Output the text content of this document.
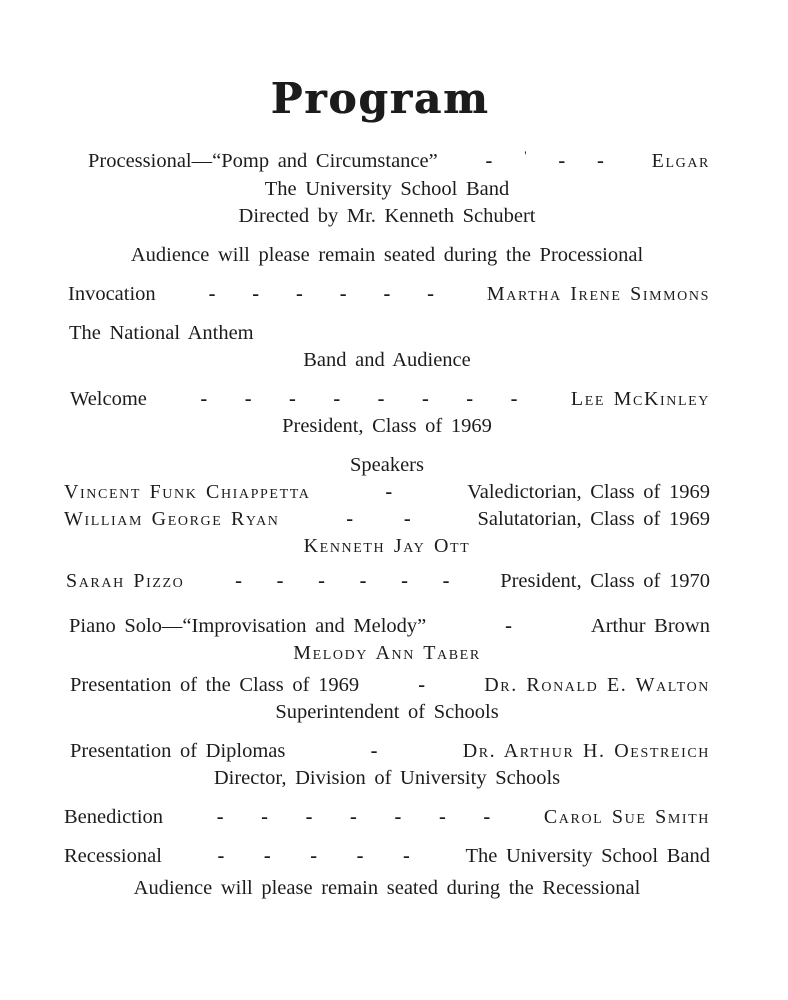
Program
Processional—“Pomp and Circumstance” - ' - - Elgar
The University School Band
Directed by Mr. Kenneth Schubert
Audience will please remain seated during the Processional
Invocation	- - - - - -	Martha Irene Simmons
The National Anthem
Band and Audience
Welcome	- - - - - - - -	Lee McKinley
President, Class of 1969
Speakers
Vincent Funk Chiappetta	-	Valedictorian, Class of 1969
William George Ryan	- -	Salutatorian, Class of 1969
Kenneth Jay Ott
Sarah Pizzo - - - - - - President, Class of 1970
Piano Solo—“Improvisation and Melody”	-	Arthur Brown
Melody Ann Taber
Presentation of the Class of 1969	-	Dr. Ronald E. Walton
Superintendent of Schools
Presentation of Diplomas	-	Dr. Arthur H. Oestreich
Director, Division of University Schools
Benediction	- - - - - - -	Carol Sue Smith
Recessional	- - - - -	The University School Band
Audience will please remain seated during the Recessional
